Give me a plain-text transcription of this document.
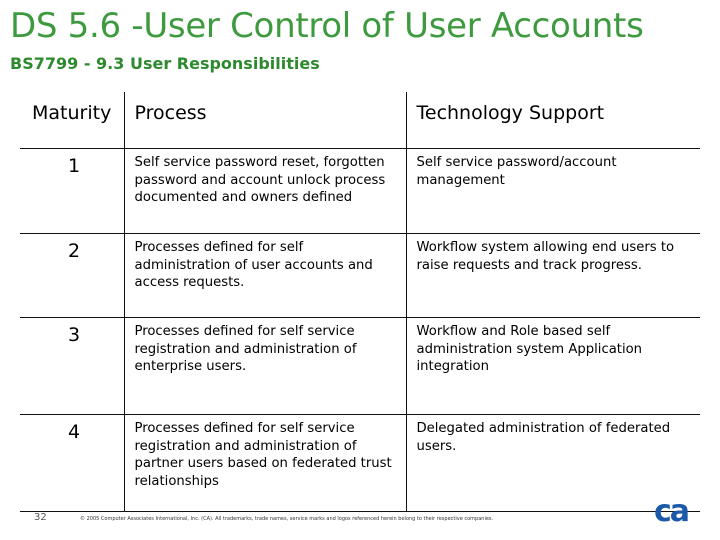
DS 5.6 -User Control of User Accounts
BS7799 - 9.3 User Responsibilities
Maturity	Process	Technology Support
1	Self service password reset, forgotten password and account unlock process documented and owners defined	Self service password/account management
2	Processes defined for self administration of user accounts and access requests.	Workflow system allowing end users to raise requests and track progress.
3	Processes defined for self service registration and administration of enterprise users.	Workflow and Role based self administration system Application integration
4	Processes defined for self service registration and administration of partner users based on federated trust relationships	Delegated administration of federated users.
32	© 2005 Computer Associates International, Inc. (CA). All trademarks, trade names, service marks and logos referenced herein belong to their respective companies.	ca
